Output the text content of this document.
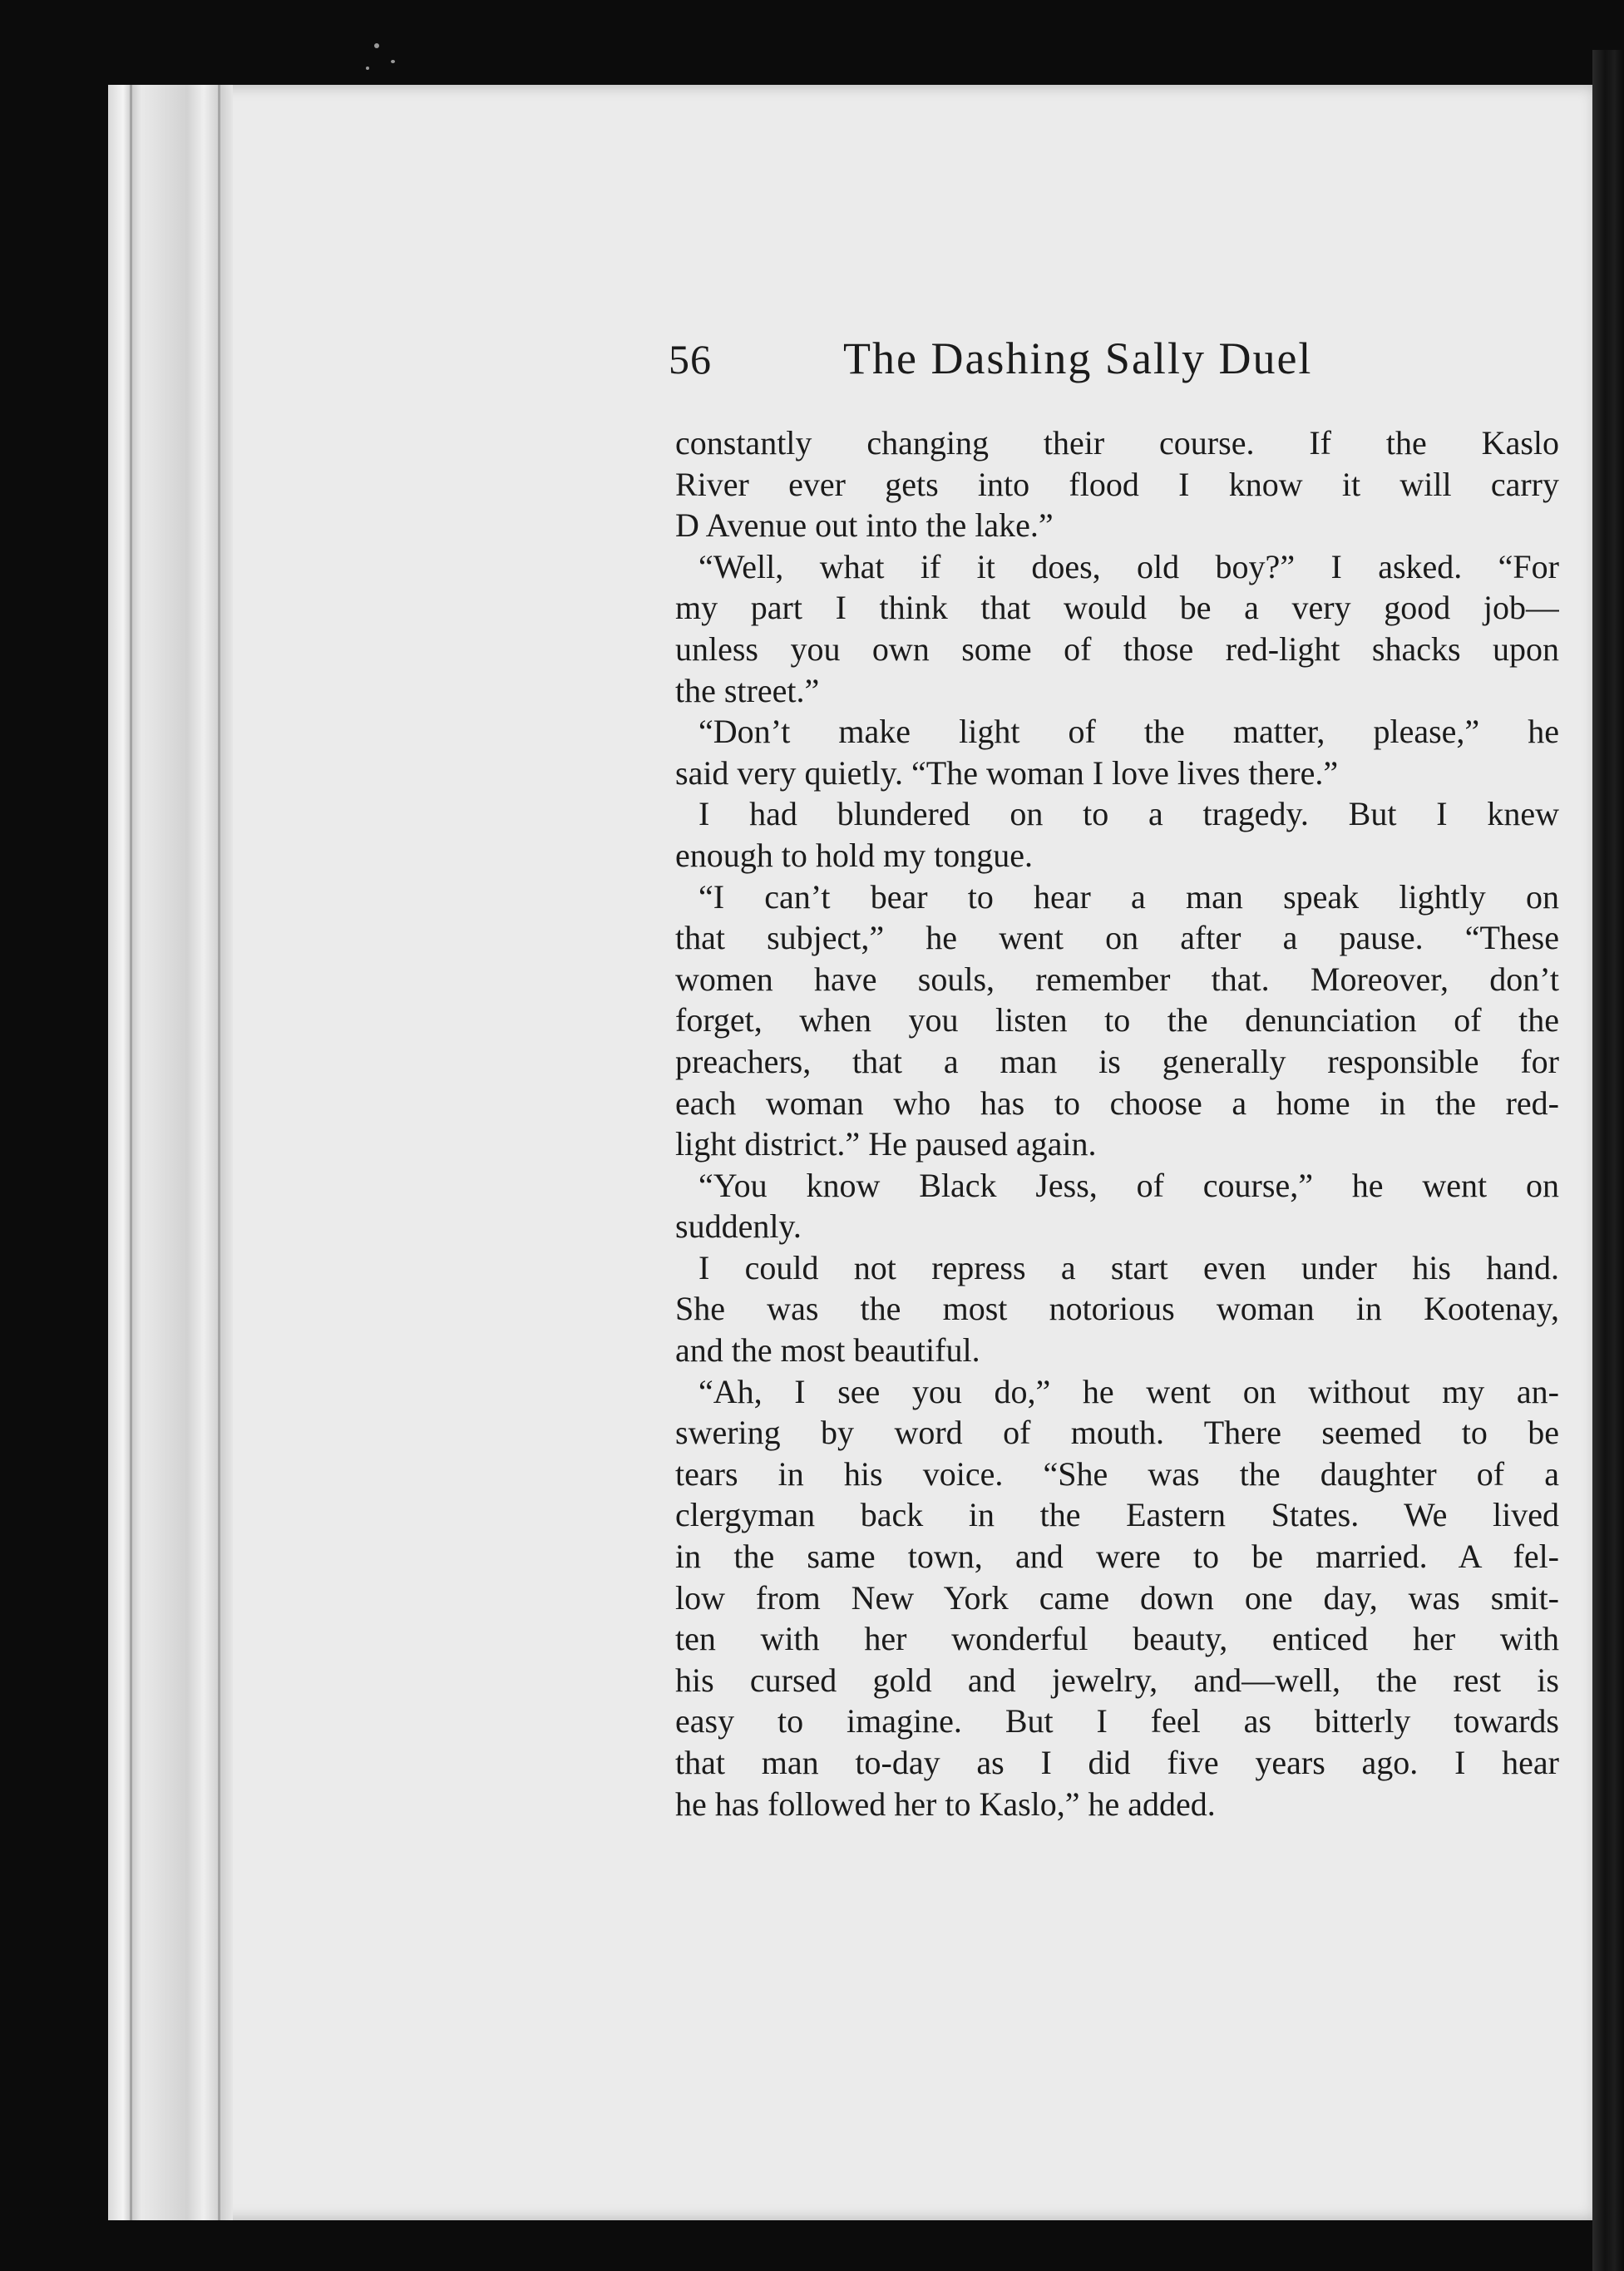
56	The Dashing Sally Duel
constantly changing their course. If the Kaslo
River ever gets into flood I know it will carry
D Avenue out into the lake.”
“Well, what if it does, old boy?” I asked. “For
my part I think that would be a very good job—
unless you own some of those red-light shacks upon
the street.”
“Don’t make light of the matter, please,” he
said very quietly. “The woman I love lives there.”
I had blundered on to a tragedy. But I knew
enough to hold my tongue.
“I can’t bear to hear a man speak lightly on
that subject,” he went on after a pause. “These
women have souls, remember that. Moreover, don’t
forget, when you listen to the denunciation of the
preachers, that a man is generally responsible for
each woman who has to choose a home in the red-
light district.” He paused again.
“You know Black Jess, of course,” he went on
suddenly.
I could not repress a start even under his hand.
She was the most notorious woman in Kootenay,
and the most beautiful.
“Ah, I see you do,” he went on without my an-
swering by word of mouth. There seemed to be
tears in his voice. “She was the daughter of a
clergyman back in the Eastern States. We lived
in the same town, and were to be married. A fel-
low from New York came down one day, was smit-
ten with her wonderful beauty, enticed her with
his cursed gold and jewelry, and—well, the rest is
easy to imagine. But I feel as bitterly towards
that man to-day as I did five years ago. I hear
he has followed her to Kaslo,” he added.
